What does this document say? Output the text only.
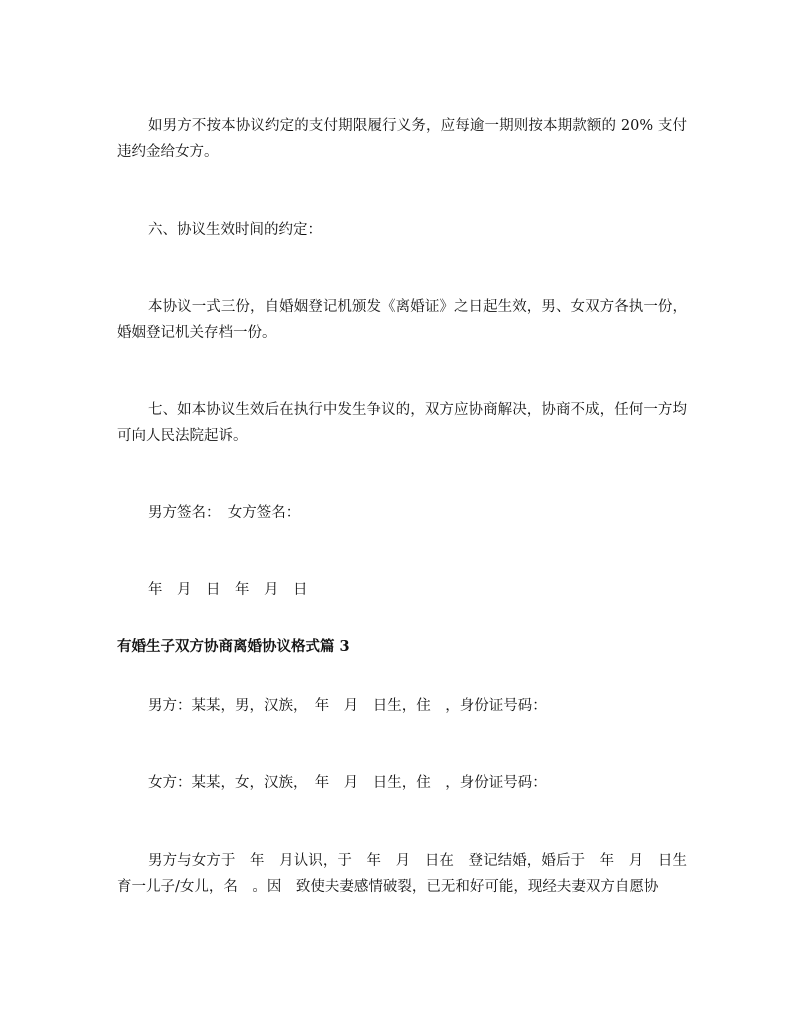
如男方不按本协议约定的支付期限履行义务，应每逾一期则按本期款额的 20% 支付违约金给女方。

六、协议生效时间的约定：

本协议一式三份，自婚姻登记机颁发《离婚证》之日起生效，男、女双方各执一份，婚姻登记机关存档一份。

七、如本协议生效后在执行中发生争议的，双方应协商解决，协商不成，任何一方均可向人民法院起诉。

男方签名：　女方签名：

年　月　日　年　月　日

有婚生子双方协商离婚协议格式篇 3

男方：某某，男，汉族，　年　月　日生，住　，身份证号码：

女方：某某，女，汉族，　年　月　日生，住　，身份证号码：

男方与女方于　年　月认识，于　年　月　日在　登记结婚，婚后于　年　月　日生育一儿子/女儿，名　。因　致使夫妻感情破裂，已无和好可能，现经夫妻双方自愿协
